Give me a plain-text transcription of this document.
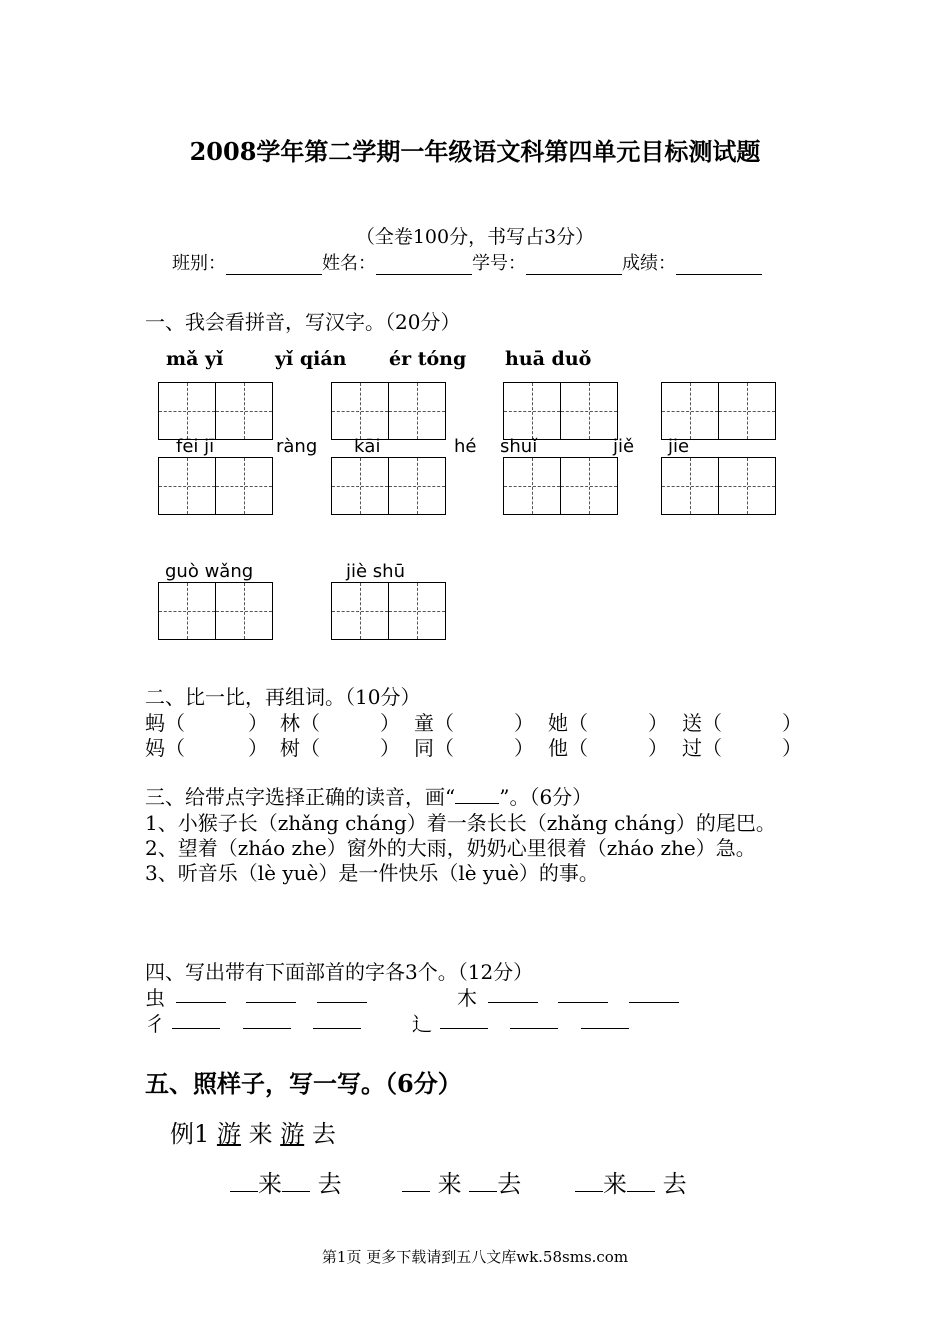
2008学年第二学期一年级语文科第四单元目标测试题
（全卷100分，书写占3分）
班别：	姓名：	学号：	成绩：
一、我会看拼音，写汉字。（20分）
mǎ yǐ	yǐ qián ér tóng huā duǒ
fēi jī	ràng kāi	hé shuǐ	jiě jie
guò wǎng	jiè shū
二、比一比，再组词。（10分）
蚂（	） 林（	） 童（	） 她（	） 送（	）
妈（	） 树（	） 同（	） 他（	） 过（	）
三、给带点字选择正确的读音，画“ ”。（6分）
1、小猴子长（zhǎng cháng）着一条长长（zhǎng cháng）的尾巴。
2、望着（zháo zhe）窗外的大雨，奶奶心里很着（zháo zhe）急。
3、听音乐（lè yuè）是一件快乐（lè yuè）的事。
四、写出带有下面部首的字各3个。（12分）
虫	木
彳	辶
五、照样子，写一写。（6分）
例1 游 来 游 去
来 去	来 去	来 去
第1页 更多下载请到五八文库wk.58sms.com
